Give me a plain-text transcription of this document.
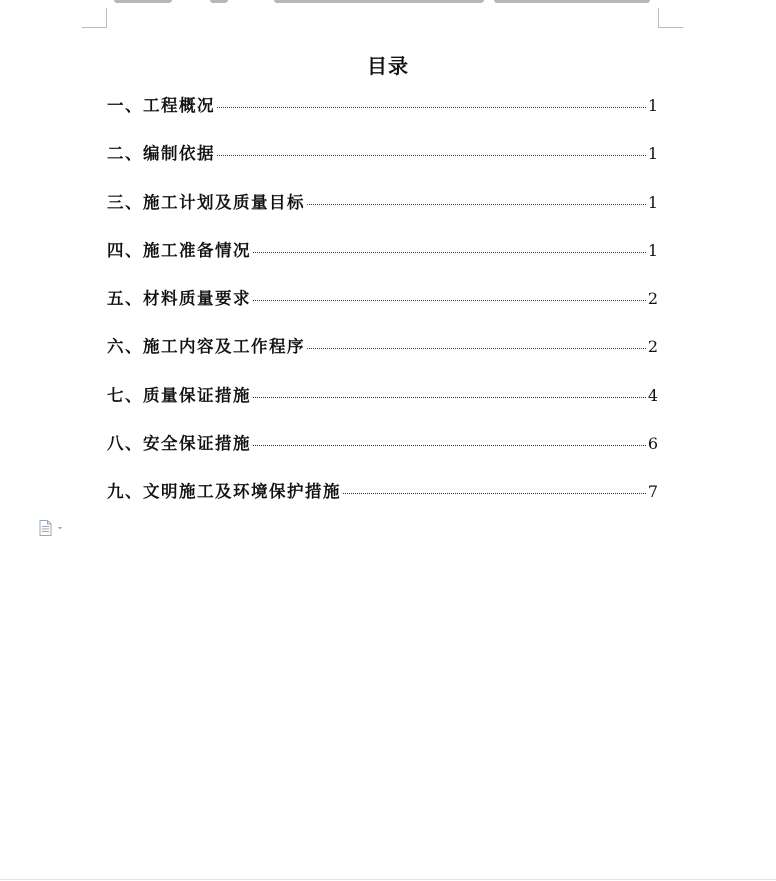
目录
一、工程概况	1
二、编制依据	1
三、施工计划及质量目标	1
四、施工准备情况	1
五、材料质量要求	2
六、施工内容及工作程序	2
七、质量保证措施	4
八、安全保证措施	6
九、文明施工及环境保护措施	7
